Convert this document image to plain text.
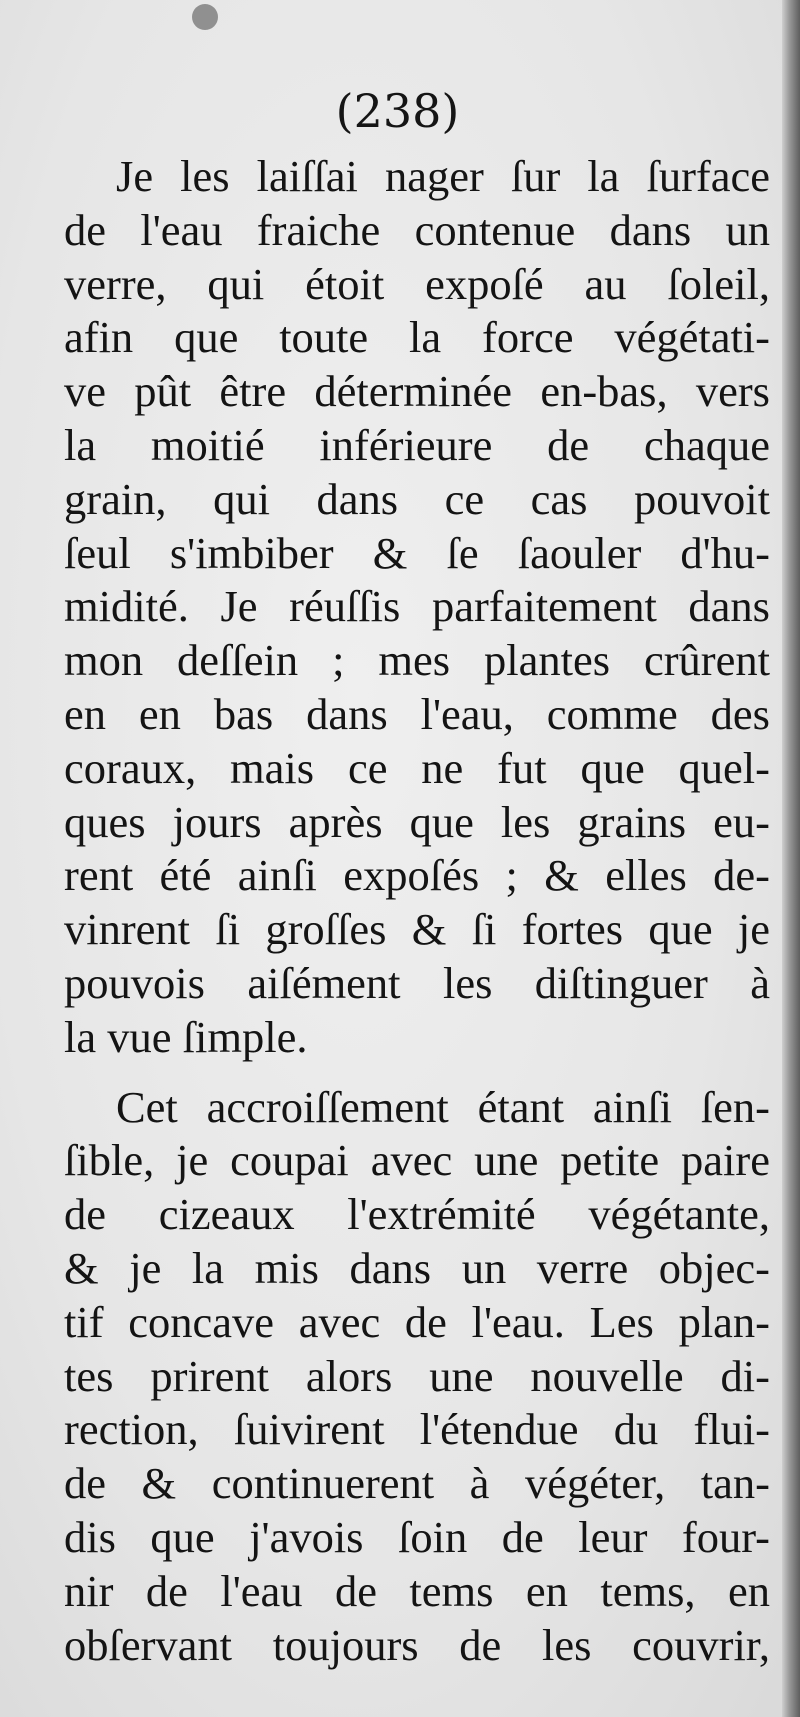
(238)
Je les laiſſai nager ſur la ſurface
de l'eau fraiche contenue dans un
verre, qui étoit expoſé au ſoleil,
afin que toute la force végétati-
ve pût être déterminée en-bas, vers
la moitié inférieure de chaque
grain, qui dans ce cas pouvoit
ſeul s'imbiber & ſe ſaouler d'hu-
midité. Je réuſſis parfaitement dans
mon deſſein ; mes plantes crûrent
en en bas dans l'eau, comme des
coraux, mais ce ne fut que quel-
ques jours après que les grains eu-
rent été ainſi expoſés ; & elles de-
vinrent ſi groſſes & ſi fortes que je
pouvois aiſément les diſtinguer à
la vue ſimple.
Cet accroiſſement étant ainſi ſen-
ſible, je coupai avec une petite paire
de cizeaux l'extrémité végétante,
& je la mis dans un verre objec-
tif concave avec de l'eau. Les plan-
tes prirent alors une nouvelle di-
rection, ſuivirent l'étendue du flui-
de & continuerent à végéter, tan-
dis que j'avois ſoin de leur four-
nir de l'eau de tems en tems, en
obſervant toujours de les couvrir,
